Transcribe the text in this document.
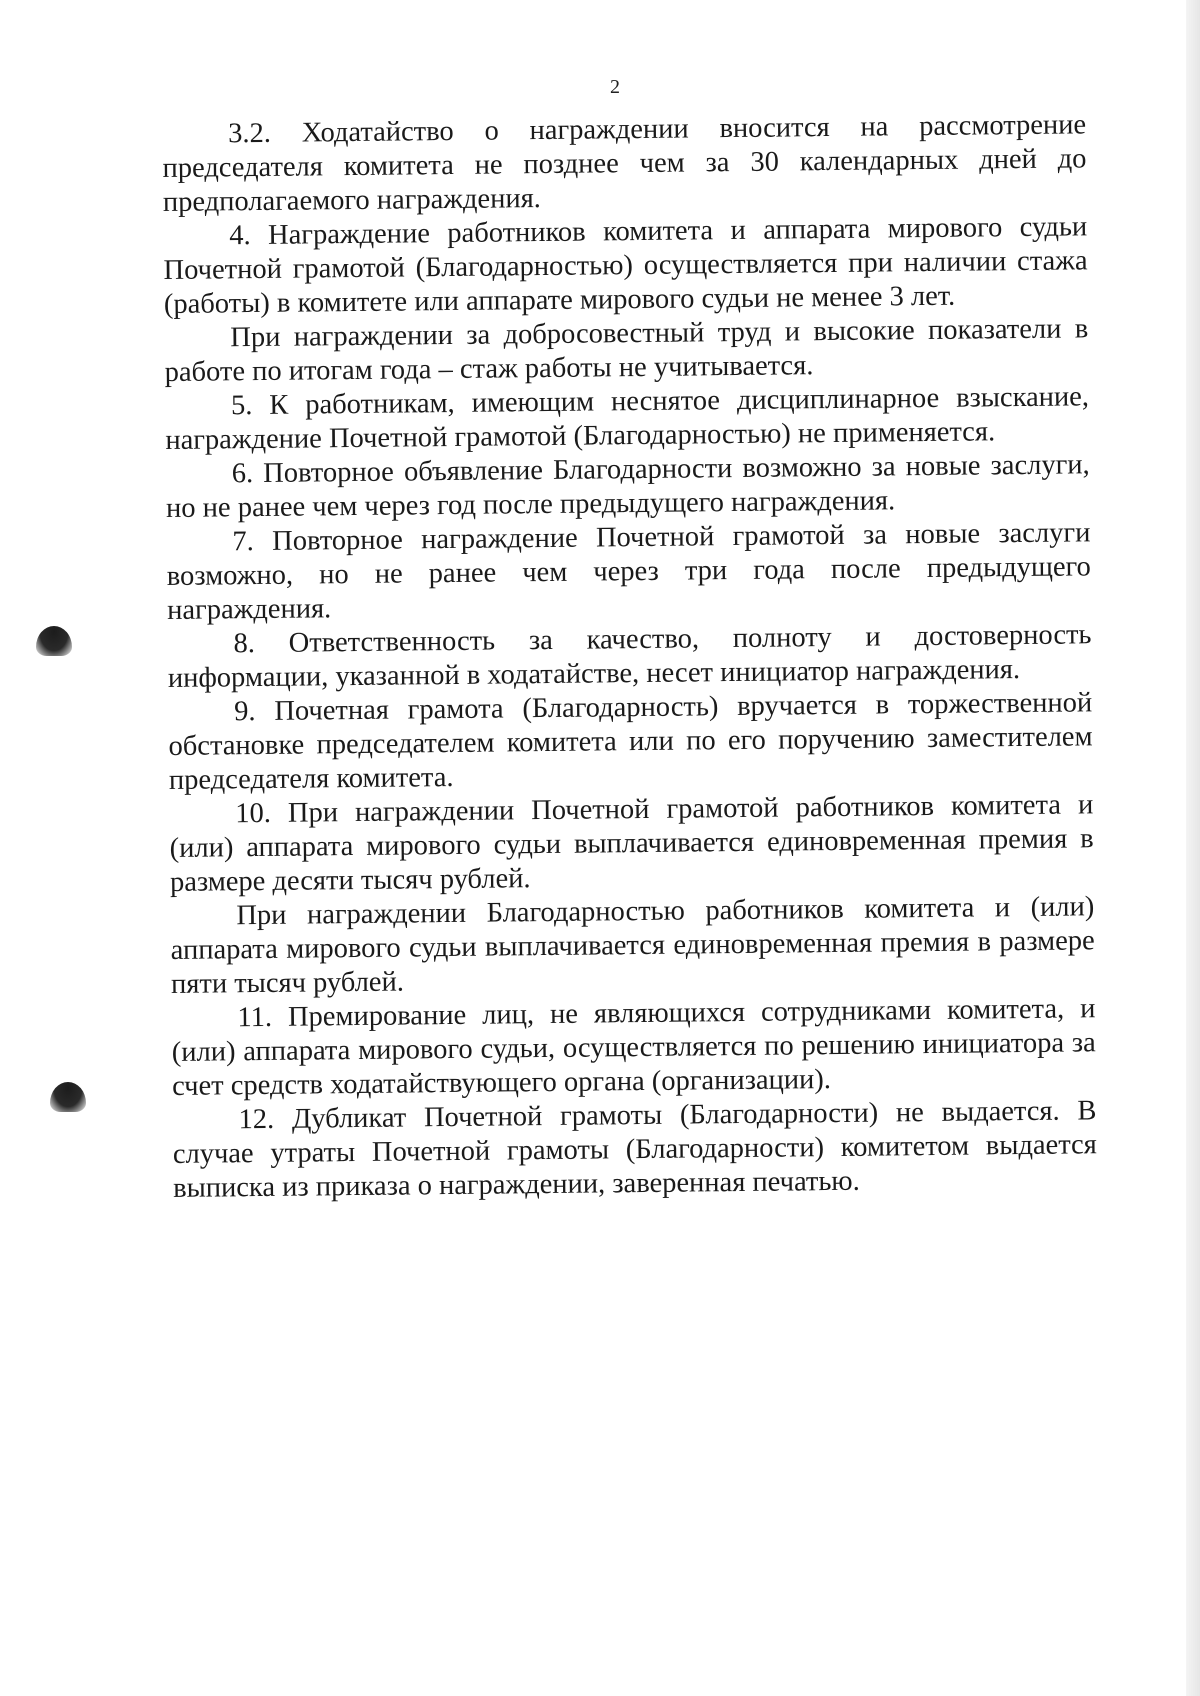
2

3.2. Ходатайство о награждении вносится на рассмотрение председателя комитета не позднее чем за 30 календарных дней до предполагаемого награждения.

4. Награждение работников комитета и аппарата мирового судьи Почетной грамотой (Благодарностью) осуществляется при наличии стажа (работы) в комитете или аппарате мирового судьи не менее 3 лет.

При награждении за добросовестный труд и высокие показатели в работе по итогам года – стаж работы не учитывается.

5. К работникам, имеющим неснятое дисциплинарное взыскание, награждение Почетной грамотой (Благодарностью) не применяется.

6. Повторное объявление Благодарности возможно за новые заслуги, но не ранее чем через год после предыдущего награждения.

7. Повторное награждение Почетной грамотой за новые заслуги возможно, но не ранее чем через три года после предыдущего награждения.

8. Ответственность за качество, полноту и достоверность информации, указанной в ходатайстве, несет инициатор награждения.

9. Почетная грамота (Благодарность) вручается в торжественной обстановке председателем комитета или по его поручению заместителем председателя комитета.

10. При награждении Почетной грамотой работников комитета и (или) аппарата мирового судьи выплачивается единовременная премия в размере десяти тысяч рублей.

При награждении Благодарностью работников комитета и (или) аппарата мирового судьи выплачивается единовременная премия в размере пяти тысяч рублей.

11. Премирование лиц, не являющихся сотрудниками комитета, и (или) аппарата мирового судьи, осуществляется по решению инициатора за счет средств ходатайствующего органа (организации).

12. Дубликат Почетной грамоты (Благодарности) не выдается. В случае утраты Почетной грамоты (Благодарности) комитетом выдается выписка из приказа о награждении, заверенная печатью.
